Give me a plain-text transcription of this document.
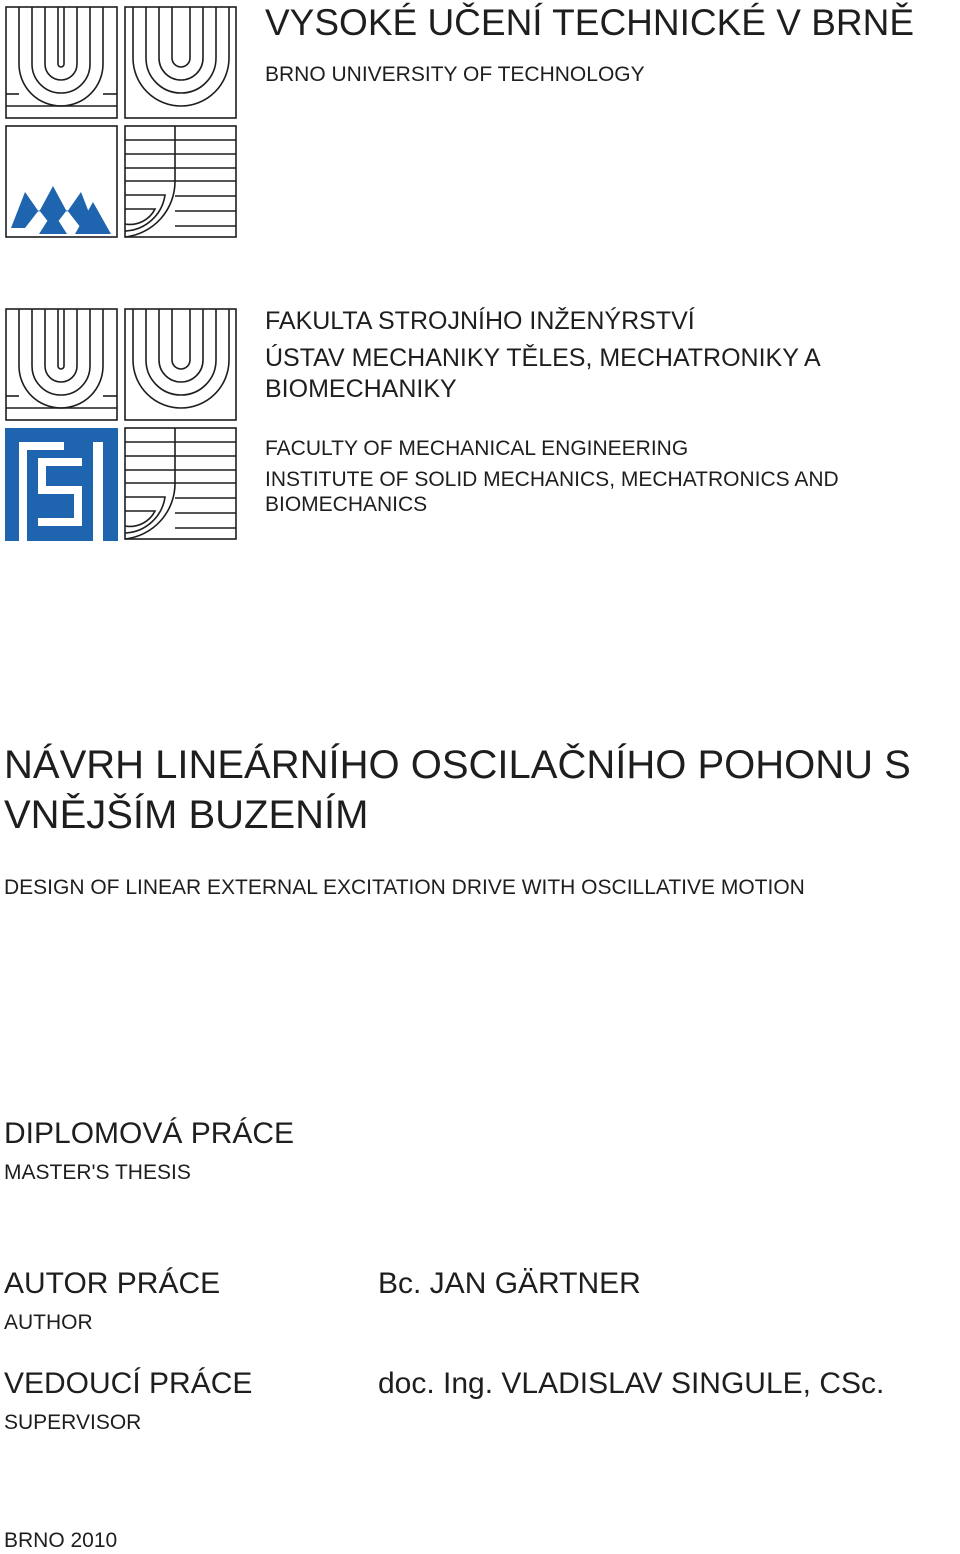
VYSOKÉ UČENÍ TECHNICKÉ V BRNĚ
BRNO UNIVERSITY OF TECHNOLOGY
FAKULTA STROJNÍHO INŽENÝRSTVÍ
ÚSTAV MECHANIKY TĚLES, MECHATRONIKY A
BIOMECHANIKY
FACULTY OF MECHANICAL ENGINEERING
INSTITUTE OF SOLID MECHANICS, MECHATRONICS AND
BIOMECHANICS
NÁVRH LINEÁRNÍHO OSCILAČNÍHO POHONU S
VNĚJŠÍM BUZENÍM
DESIGN OF LINEAR EXTERNAL EXCITATION DRIVE WITH OSCILLATIVE MOTION
DIPLOMOVÁ PRÁCE
MASTER'S THESIS
AUTOR PRÁCE
AUTHOR
Bc. JAN GÄRTNER
VEDOUCÍ PRÁCE
SUPERVISOR
doc. Ing. VLADISLAV SINGULE, CSc.
BRNO 2010
